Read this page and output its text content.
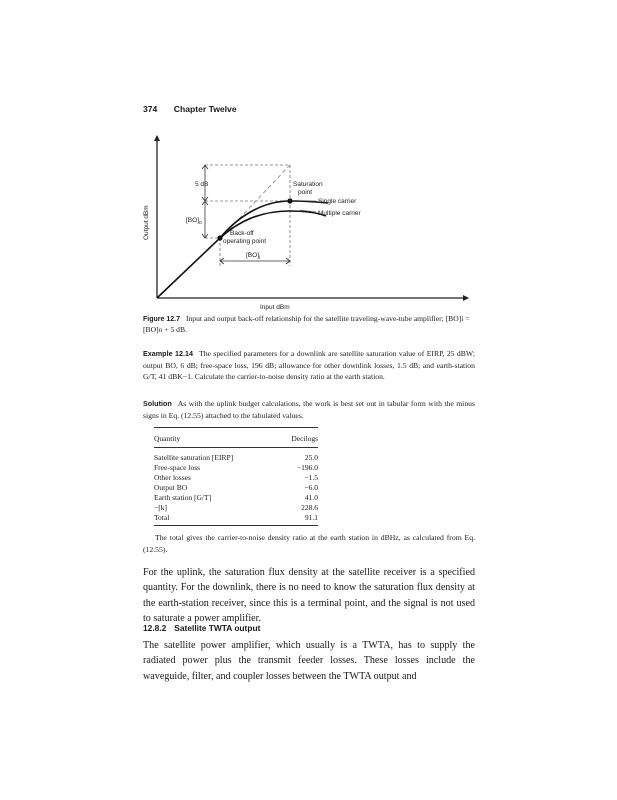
374 Chapter Twelve
Output dBm
Input dBm
5 dB
$[BO]_o$
Saturation
point
Single carrier
Multiple carrier
Back-off
operating point
$[BO]_i$
Figure 12.7 Input and output back-off relationship for the satellite traveling-wave-tube amplifier; [BO]i = [BO]o + 5 dB.
Example 12.14 The specified parameters for a downlink are satellite saturation value of EIRP, 25 dBW; output BO, 6 dB; free-space loss, 196 dB; allowance for other downlink losses, 1.5 dB; and earth-station G/T, 41 dBK−1. Calculate the carrier-to-noise density ratio at the earth station.
Solution As with the uplink budget calculations, the work is best set out in tabular form with the minus signs in Eq. (12.55) attached to the tabulated values.
Quantity	Decilogs
Satellite saturation [EIRP]	25.0
Free-space loss	−196.0
Other losses	−1.5
Output BO	−6.0
Earth station [G/T]	41.0
−[k]	228.6
Total	91.1
The total gives the carrier-to-noise density ratio at the earth station in dBHz, as calculated from Eq. (12.55).
For the uplink, the saturation flux density at the satellite receiver is a specified quantity. For the downlink, there is no need to know the saturation flux density at the earth-station receiver, since this is a terminal point, and the signal is not used to saturate a power amplifier.
12.8.2 Satellite TWTA output
The satellite power amplifier, which usually is a TWTA, has to supply the radiated power plus the transmit feeder losses. These losses include the waveguide, filter, and coupler losses between the TWTA output and
